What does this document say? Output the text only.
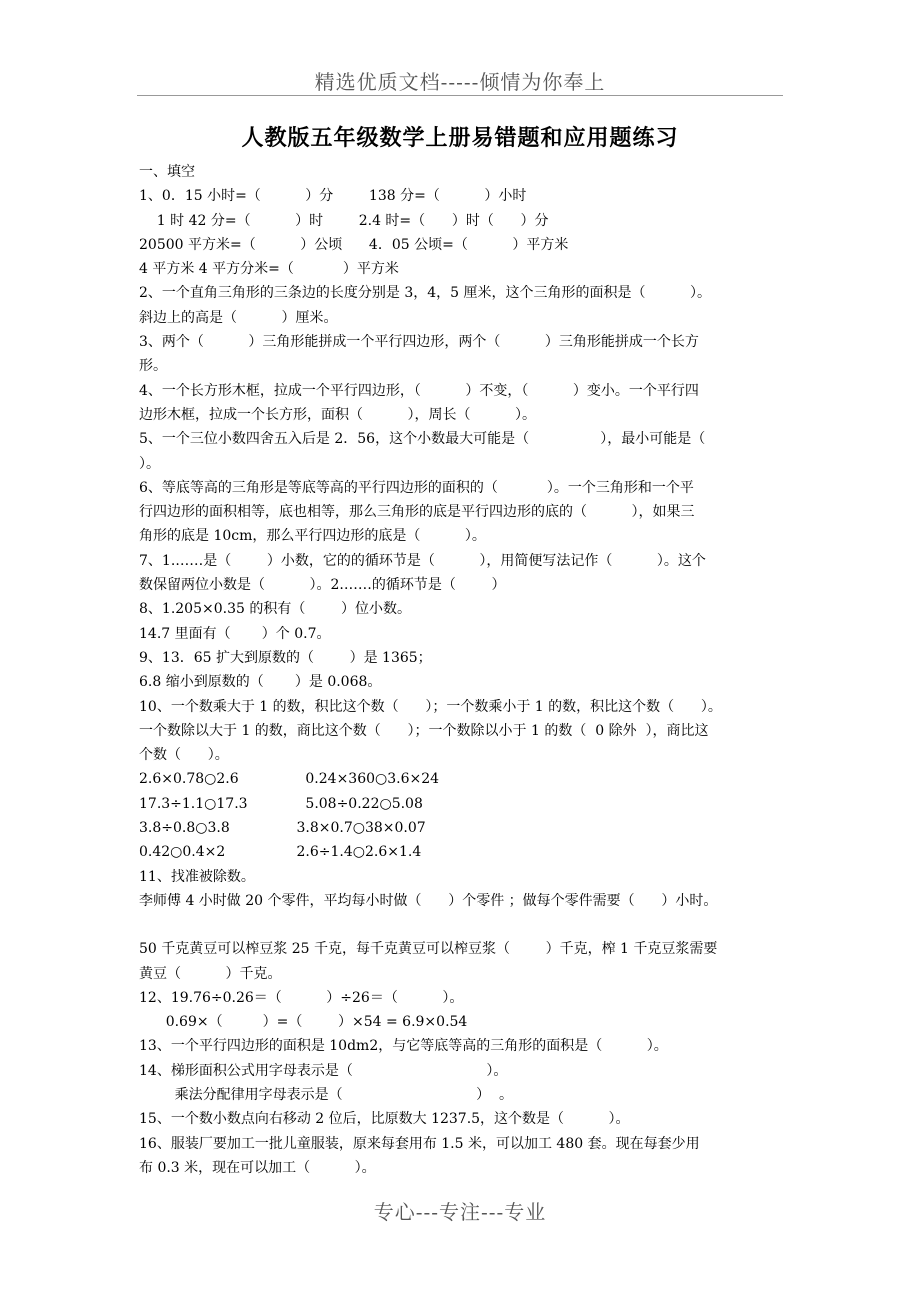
精选优质文档-----倾情为你奉上
人教版五年级数学上册易错题和应用题练习
一、填空
1、0．15 小时=（          ）分        138 分=（          ）小时
1 时 42 分=（          ）时        2.4 时=（      ）时（      ）分
20500 平方米=（          ）公顷      4．05 公顷=（          ）平方米
4 平方米 4 平方分米=（           ）平方米
2、一个直角三角形的三条边的长度分别是 3，4，5 厘米，这个三角形的面积是（          ）。
斜边上的高是（          ）厘米。
3、两个（          ）三角形能拼成一个平行四边形，两个（          ）三角形能拼成一个长方
形。
4、一个长方形木框，拉成一个平行四边形，（          ）不变，（          ）变小。一个平行四
边形木框，拉成一个长方形，面积（          ），周长（          ）。
5、一个三位小数四舍五入后是 2．56，这个小数最大可能是（                ），最小可能是（
）。
6、等底等高的三角形是等底等高的平行四边形的面积的（           ）。一个三角形和一个平
行四边形的面积相等，底也相等，那么三角形的底是平行四边形的底的（          ），如果三
角形的底是 10cm，那么平行四边形的底是（          ）。
7、1.……是（        ）小数，它的的循环节是（          ），用简便写法记作（          ）。这个
数保留两位小数是（          ）。2.……的循环节是（        ）
8、1.205×0.35 的积有（        ）位小数。
14.7 里面有（       ）个 0.7。
9、13．65 扩大到原数的（        ）是 1365；
6.8 缩小到原数的（       ）是 0.068。
10、一个数乘大于 1 的数，积比这个数（      ）；一个数乘小于 1 的数，积比这个数（      ）。
一个数除以大于 1 的数，商比这个数（      ）；一个数除以小于 1 的数（  0 除外  ），商比这
个数（      ）。
2.6×0.78○2.6               0.24×360○3.6×24
17.3÷1.1○17.3             5.08÷0.22○5.08
3.8÷0.8○3.8               3.8×0.7○38×0.07
0.42○0.4×2                2.6÷1.4○2.6×1.4
11、找准被除数。
李师傅 4 小时做 20 个零件，平均每小时做（      ）个零件 ；做每个零件需要（      ）小时。
50 千克黄豆可以榨豆浆 25 千克，每千克黄豆可以榨豆浆（        ）千克，榨 1 千克豆浆需要
黄豆（          ）千克。
12、19.76÷0.26＝（          ）÷26＝（          ）。
0.69×（         ）=（        ）×54 = 6.9×0.54
13、一个平行四边形的面积是 10dm2，与它等底等高的三角形的面积是（          ）。
14、梯形面积公式用字母表示是（                              ）。
乘法分配律用字母表示是（                              ）  。
15、一个数小数点向右移动 2 位后，比原数大 1237.5，这个数是（          ）。
16、服装厂要加工一批儿童服装，原来每套用布 1.5 米，可以加工 480 套。现在每套少用
布 0.3 米，现在可以加工（          ）。
专心---专注---专业
